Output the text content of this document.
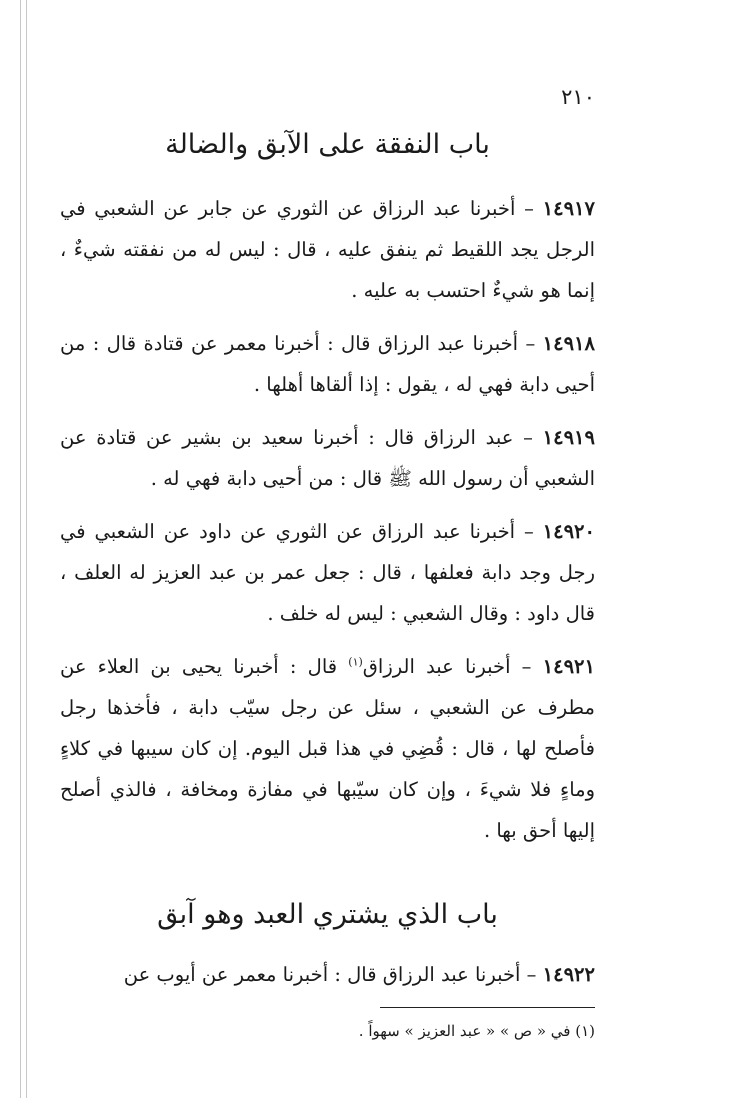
٢١٠
باب النفقة على الآبق والضالة

١٤٩١٧ – أخبرنا عبد الرزاق عن الثوري عن جابر عن الشعبي في الرجل يجد اللقيط ثم ينفق عليه ، قال : ليس له من نفقته شيءٌ ، إنما هو شيءٌ احتسب به عليه .

١٤٩١٨ – أخبرنا عبد الرزاق قال : أخبرنا معمر عن قتادة قال : من أحيى دابة فهي له ، يقول : إذا ألقاها أهلها .

١٤٩١٩ – عبد الرزاق قال : أخبرنا سعيد بن بشير عن قتادة عن الشعبي أن رسول الله ﷺ قال : من أحيى دابة فهي له .

١٤٩٢٠ – أخبرنا عبد الرزاق عن الثوري عن داود عن الشعبي في رجل وجد دابة فعلفها ، قال : جعل عمر بن عبد العزيز له العلف ، قال داود : وقال الشعبي : ليس له خلف .

١٤٩٢١ – أخبرنا عبد الرزاق$^{(١)}$ قال : أخبرنا يحيى بن العلاء عن مطرف عن الشعبي ، سئل عن رجل سيّب دابة ، فأخذها رجل فأصلح لها ، قال : قُضِي في هذا قبل اليوم. إن كان سيبها في كلاءٍ وماءٍ فلا شيءَ ، وإن كان سيّبها في مفازة ومخافة ، فالذي أصلح إليها أحق بها .

باب الذي يشتري العبد وهو آبق

١٤٩٢٢ – أخبرنا عبد الرزاق قال : أخبرنا معمر عن أيوب عن

(١) في « ص » « عبد العزيز » سهواً .
